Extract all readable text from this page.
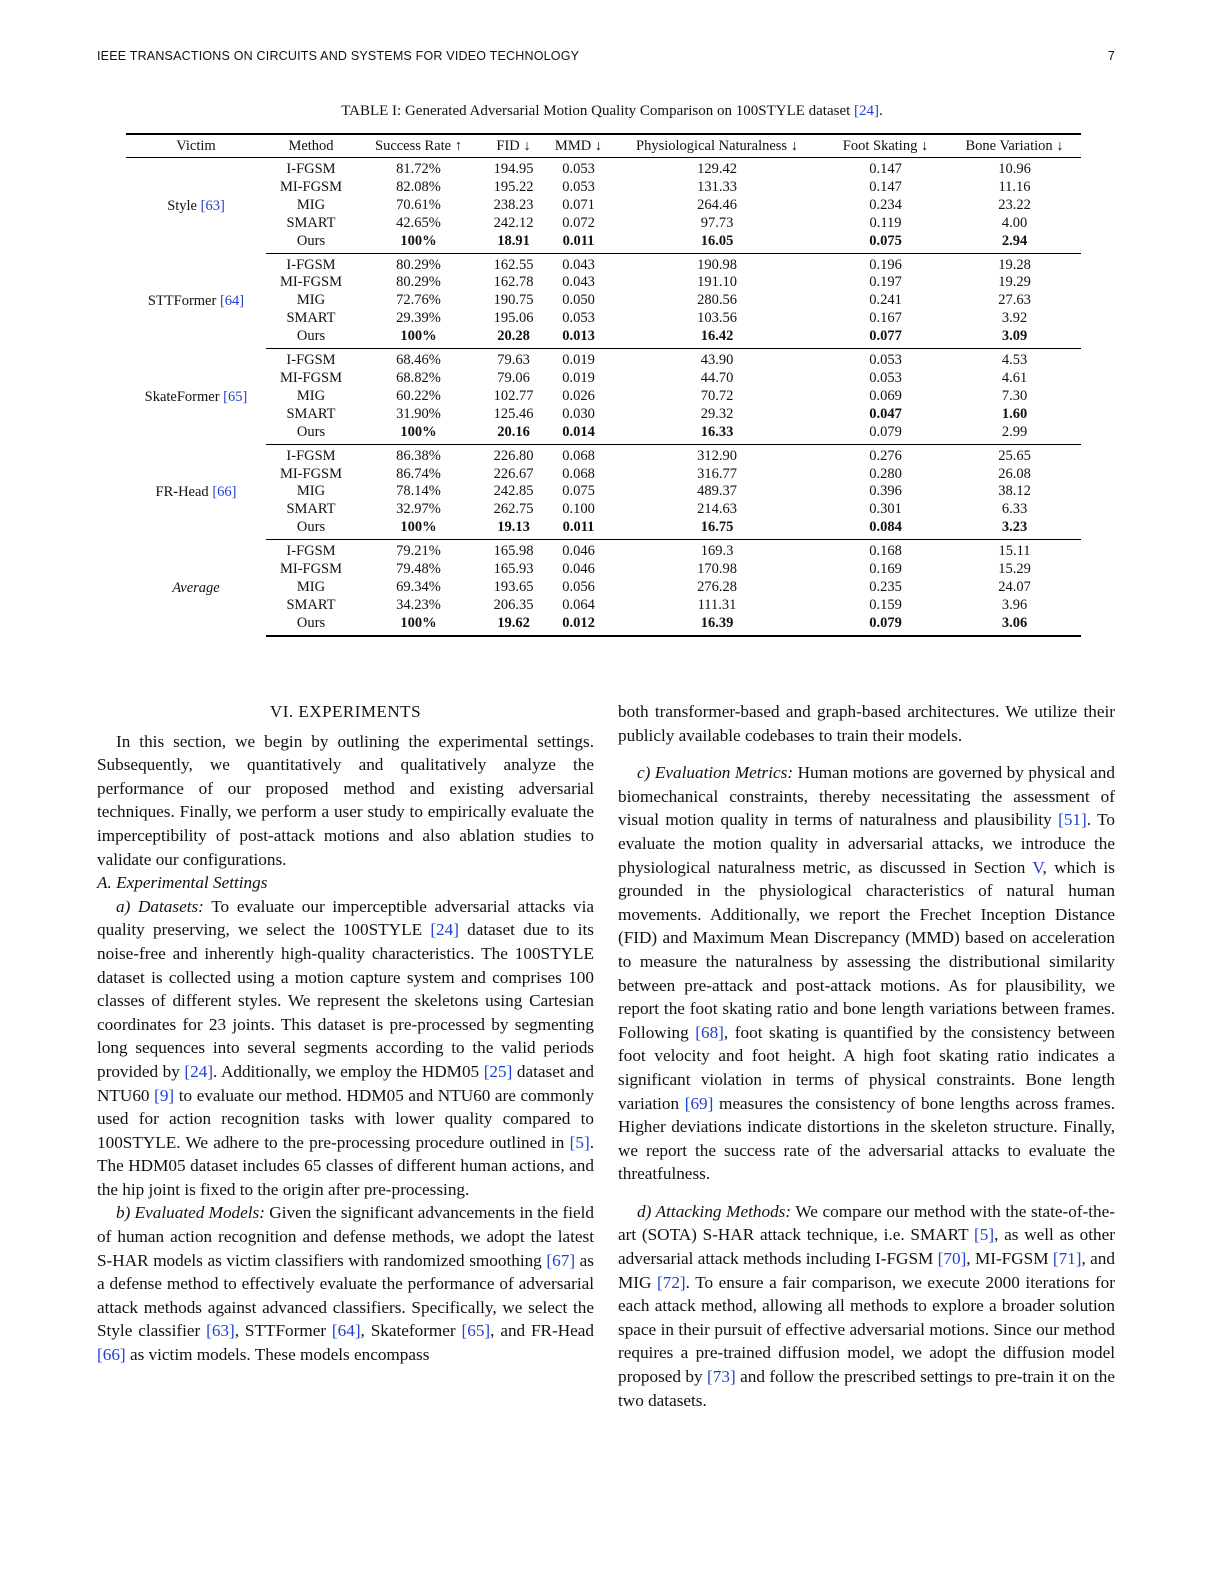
IEEE TRANSACTIONS ON CIRCUITS AND SYSTEMS FOR VIDEO TECHNOLOGY	7
TABLE I: Generated Adversarial Motion Quality Comparison on 100STYLE dataset [24].
Victim	Method	Success Rate ↑	FID ↓	MMD ↓	Physiological Naturalness ↓	Foot Skating ↓	Bone Variation ↓
Style [63]	I-FGSM	81.72%	194.95	0.053	129.42	0.147	10.96
	MI-FGSM	82.08%	195.22	0.053	131.33	0.147	11.16
	MIG	70.61%	238.23	0.071	264.46	0.234	23.22
	SMART	42.65%	242.12	0.072	97.73	0.119	4.00
	Ours	100%	18.91	0.011	16.05	0.075	2.94
STTFormer [64]	I-FGSM	80.29%	162.55	0.043	190.98	0.196	19.28
	MI-FGSM	80.29%	162.78	0.043	191.10	0.197	19.29
	MIG	72.76%	190.75	0.050	280.56	0.241	27.63
	SMART	29.39%	195.06	0.053	103.56	0.167	3.92
	Ours	100%	20.28	0.013	16.42	0.077	3.09
SkateFormer [65]	I-FGSM	68.46%	79.63	0.019	43.90	0.053	4.53
	MI-FGSM	68.82%	79.06	0.019	44.70	0.053	4.61
	MIG	60.22%	102.77	0.026	70.72	0.069	7.30
	SMART	31.90%	125.46	0.030	29.32	0.047	1.60
	Ours	100%	20.16	0.014	16.33	0.079	2.99
FR-Head [66]	I-FGSM	86.38%	226.80	0.068	312.90	0.276	25.65
	MI-FGSM	86.74%	226.67	0.068	316.77	0.280	26.08
	MIG	78.14%	242.85	0.075	489.37	0.396	38.12
	SMART	32.97%	262.75	0.100	214.63	0.301	6.33
	Ours	100%	19.13	0.011	16.75	0.084	3.23
Average	I-FGSM	79.21%	165.98	0.046	169.3	0.168	15.11
	MI-FGSM	79.48%	165.93	0.046	170.98	0.169	15.29
	MIG	69.34%	193.65	0.056	276.28	0.235	24.07
	SMART	34.23%	206.35	0.064	111.31	0.159	3.96
	Ours	100%	19.62	0.012	16.39	0.079	3.06
VI. EXPERIMENTS

In this section, we begin by outlining the experimental settings. Subsequently, we quantitatively and qualitatively analyze the performance of our proposed method and existing adversarial techniques. Finally, we perform a user study to empirically evaluate the imperceptibility of post-attack motions and also ablation studies to validate our configurations.

A. Experimental Settings

a) Datasets: To evaluate our imperceptible adversarial attacks via quality preserving, we select the 100STYLE [24] dataset due to its noise-free and inherently high-quality characteristics. The 100STYLE dataset is collected using a motion capture system and comprises 100 classes of different styles. We represent the skeletons using Cartesian coordinates for 23 joints. This dataset is pre-processed by segmenting long sequences into several segments according to the valid periods provided by [24]. Additionally, we employ the HDM05 [25] dataset and NTU60 [9] to evaluate our method. HDM05 and NTU60 are commonly used for action recognition tasks with lower quality compared to 100STYLE. We adhere to the pre-processing procedure outlined in [5]. The HDM05 dataset includes 65 classes of different human actions, and the hip joint is fixed to the origin after pre-processing.

b) Evaluated Models: Given the significant advancements in the field of human action recognition and defense methods, we adopt the latest S-HAR models as victim classifiers with randomized smoothing [67] as a defense method to effectively evaluate the performance of adversarial attack methods against advanced classifiers. Specifically, we select the Style classifier [63], STTFormer [64], Skateformer [65], and FR-Head [66] as victim models. These models encompass

both transformer-based and graph-based architectures. We utilize their publicly available codebases to train their models.

c) Evaluation Metrics: Human motions are governed by physical and biomechanical constraints, thereby necessitating the assessment of visual motion quality in terms of naturalness and plausibility [51]. To evaluate the motion quality in adversarial attacks, we introduce the physiological naturalness metric, as discussed in Section V, which is grounded in the physiological characteristics of natural human movements. Additionally, we report the Frechet Inception Distance (FID) and Maximum Mean Discrepancy (MMD) based on acceleration to measure the naturalness by assessing the distributional similarity between pre-attack and post-attack motions. As for plausibility, we report the foot skating ratio and bone length variations between frames. Following [68], foot skating is quantified by the consistency between foot velocity and foot height. A high foot skating ratio indicates a significant violation in terms of physical constraints. Bone length variation [69] measures the consistency of bone lengths across frames. Higher deviations indicate distortions in the skeleton structure. Finally, we report the success rate of the adversarial attacks to evaluate the threatfulness.

d) Attacking Methods: We compare our method with the state-of-the-art (SOTA) S-HAR attack technique, i.e. SMART [5], as well as other adversarial attack methods including I-FGSM [70], MI-FGSM [71], and MIG [72]. To ensure a fair comparison, we execute 2000 iterations for each attack method, allowing all methods to explore a broader solution space in their pursuit of effective adversarial motions. Since our method requires a pre-trained diffusion model, we adopt the diffusion model proposed by [73] and follow the prescribed settings to pre-train it on the two datasets.
